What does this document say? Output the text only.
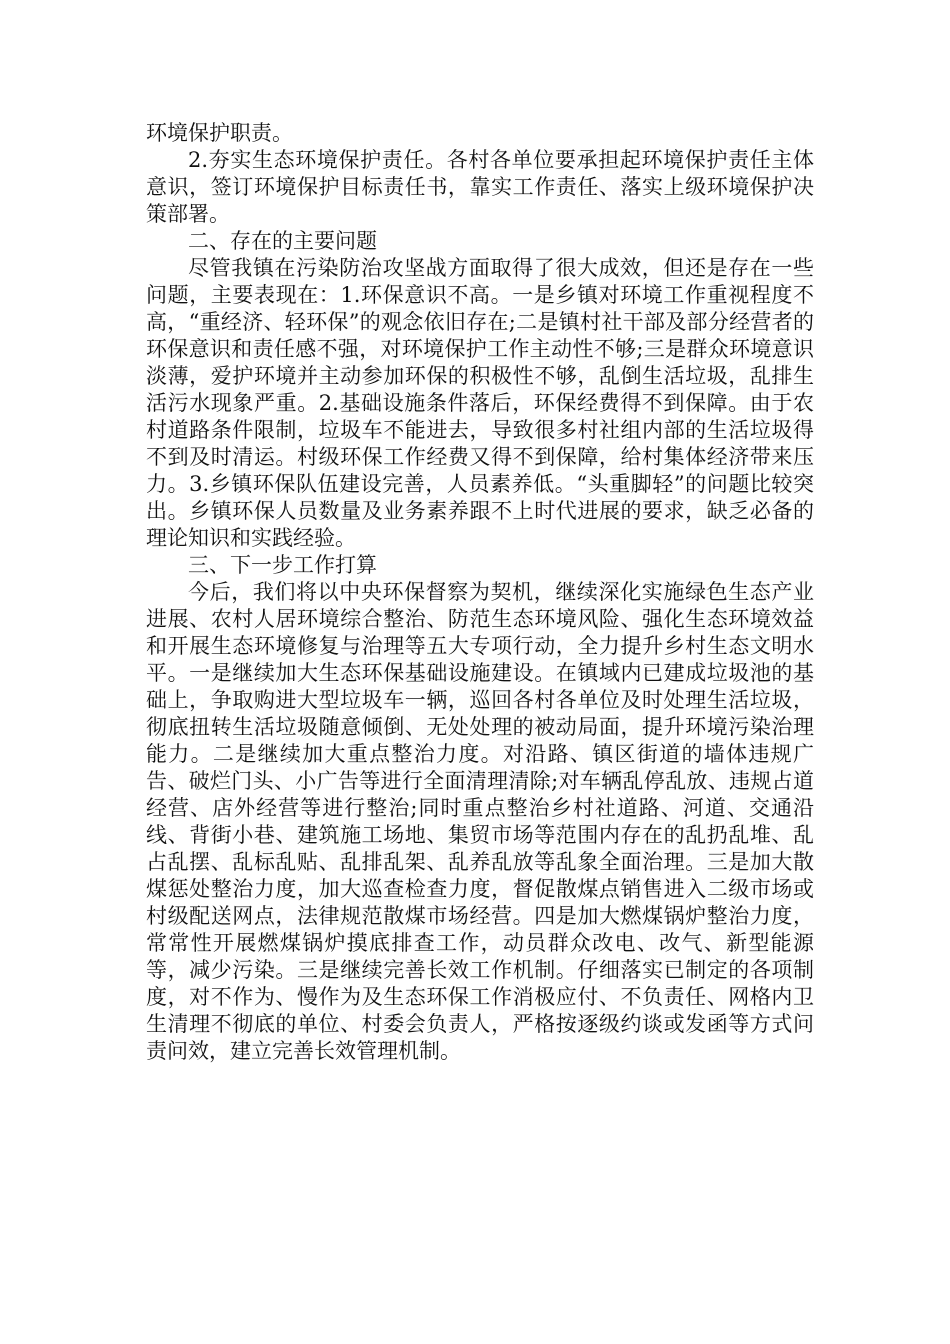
环境保护职责。

2.夯实生态环境保护责任。各村各单位要承担起环境保护责任主体意识，签订环境保护目标责任书，靠实工作责任、落实上级环境保护决策部署。

二、存在的主要问题

尽管我镇在污染防治攻坚战方面取得了很大成效，但还是存在一些问题，主要表现在：1.环保意识不高。一是乡镇对环境工作重视程度不高，“重经济、轻环保”的观念依旧存在;二是镇村社干部及部分经营者的环保意识和责任感不强，对环境保护工作主动性不够;三是群众环境意识淡薄，爱护环境并主动参加环保的积极性不够，乱倒生活垃圾，乱排生活污水现象严重。2.基础设施条件落后，环保经费得不到保障。由于农村道路条件限制，垃圾车不能进去，导致很多村社组内部的生活垃圾得不到及时清运。村级环保工作经费又得不到保障，给村集体经济带来压力。3.乡镇环保队伍建设完善，人员素养低。“头重脚轻”的问题比较突出。乡镇环保人员数量及业务素养跟不上时代进展的要求，缺乏必备的理论知识和实践经验。

三、下一步工作打算

今后，我们将以中央环保督察为契机，继续深化实施绿色生态产业进展、农村人居环境综合整治、防范生态环境风险、强化生态环境效益和开展生态环境修复与治理等五大专项行动，全力提升乡村生态文明水平。一是继续加大生态环保基础设施建设。在镇域内已建成垃圾池的基础上，争取购进大型垃圾车一辆，巡回各村各单位及时处理生活垃圾，彻底扭转生活垃圾随意倾倒、无处处理的被动局面，提升环境污染治理能力。二是继续加大重点整治力度。对沿路、镇区街道的墙体违规广告、破烂门头、小广告等进行全面清理清除;对车辆乱停乱放、违规占道经营、店外经营等进行整治;同时重点整治乡村社道路、河道、交通沿线、背街小巷、建筑施工场地、集贸市场等范围内存在的乱扔乱堆、乱占乱摆、乱标乱贴、乱排乱架、乱养乱放等乱象全面治理。三是加大散煤惩处整治力度，加大巡查检查力度，督促散煤点销售进入二级市场或村级配送网点，法律规范散煤市场经营。四是加大燃煤锅炉整治力度，常常性开展燃煤锅炉摸底排查工作，动员群众改电、改气、新型能源等，减少污染。三是继续完善长效工作机制。仔细落实已制定的各项制度，对不作为、慢作为及生态环保工作消极应付、不负责任、网格内卫生清理不彻底的单位、村委会负责人，严格按逐级约谈或发函等方式问责问效，建立完善长效管理机制。
